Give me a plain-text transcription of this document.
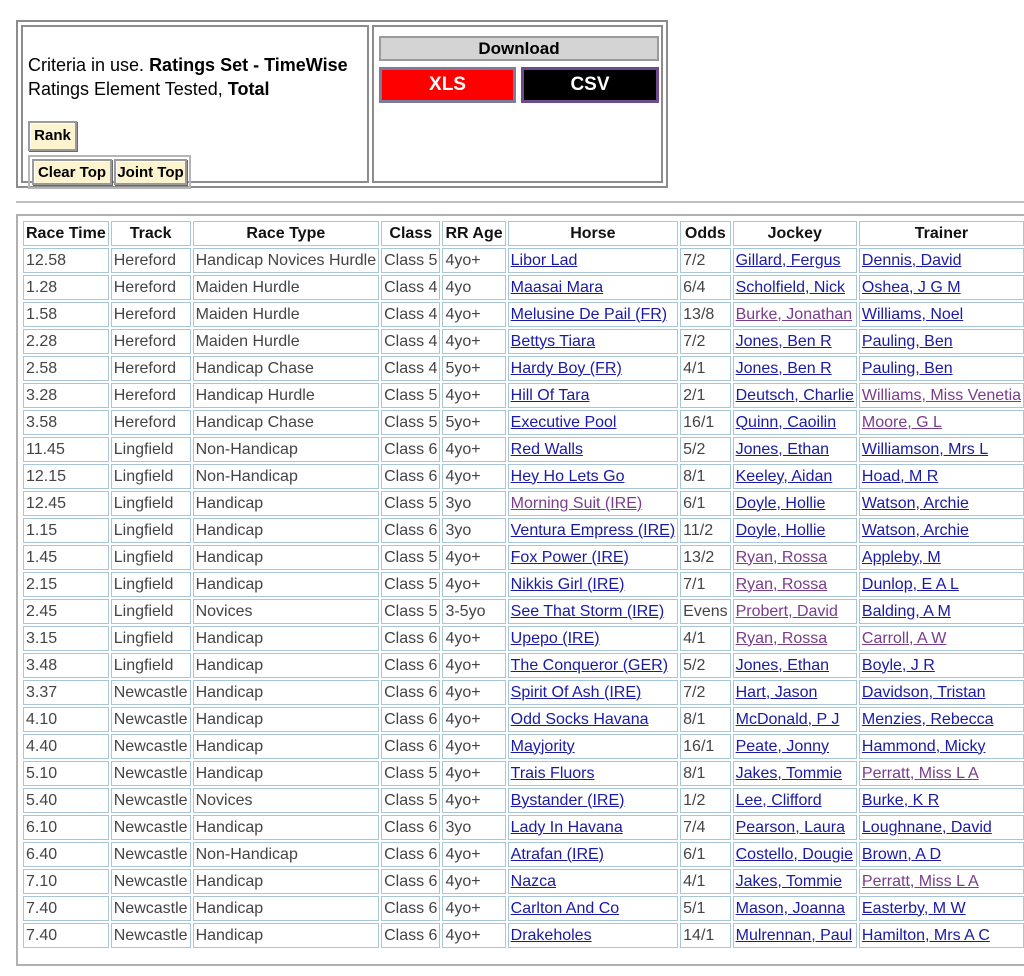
Criteria in use. Ratings Set - TimeWise
Ratings Element Tested, Total
Rank
Clear Top Joint Top
Download
XLS	CSV
Race Time	Track	Race Type	Class	RR Age	Horse	Odds	Jockey	Trainer
12.58	Hereford	Handicap Novices Hurdle	Class 5	4yo+	Libor Lad	7/2	Gillard, Fergus	Dennis, David
1.28	Hereford	Maiden Hurdle	Class 4	4yo	Maasai Mara	6/4	Scholfield, Nick	Oshea, J G M
1.58	Hereford	Maiden Hurdle	Class 4	4yo+	Melusine De Pail (FR)	13/8	Burke, Jonathan	Williams, Noel
2.28	Hereford	Maiden Hurdle	Class 4	4yo+	Bettys Tiara	7/2	Jones, Ben R	Pauling, Ben
2.58	Hereford	Handicap Chase	Class 4	5yo+	Hardy Boy (FR)	4/1	Jones, Ben R	Pauling, Ben
3.28	Hereford	Handicap Hurdle	Class 5	4yo+	Hill Of Tara	2/1	Deutsch, Charlie	Williams, Miss Venetia
3.58	Hereford	Handicap Chase	Class 5	5yo+	Executive Pool	16/1	Quinn, Caoilin	Moore, G L
11.45	Lingfield	Non-Handicap	Class 6	4yo+	Red Walls	5/2	Jones, Ethan	Williamson, Mrs L
12.15	Lingfield	Non-Handicap	Class 6	4yo+	Hey Ho Lets Go	8/1	Keeley, Aidan	Hoad, M R
12.45	Lingfield	Handicap	Class 5	3yo	Morning Suit (IRE)	6/1	Doyle, Hollie	Watson, Archie
1.15	Lingfield	Handicap	Class 6	3yo	Ventura Empress (IRE)	11/2	Doyle, Hollie	Watson, Archie
1.45	Lingfield	Handicap	Class 5	4yo+	Fox Power (IRE)	13/2	Ryan, Rossa	Appleby, M
2.15	Lingfield	Handicap	Class 5	4yo+	Nikkis Girl (IRE)	7/1	Ryan, Rossa	Dunlop, E A L
2.45	Lingfield	Novices	Class 5	3-5yo	See That Storm (IRE)	Evens	Probert, David	Balding, A M
3.15	Lingfield	Handicap	Class 6	4yo+	Upepo (IRE)	4/1	Ryan, Rossa	Carroll, A W
3.48	Lingfield	Handicap	Class 6	4yo+	The Conqueror (GER)	5/2	Jones, Ethan	Boyle, J R
3.37	Newcastle	Handicap	Class 6	4yo+	Spirit Of Ash (IRE)	7/2	Hart, Jason	Davidson, Tristan
4.10	Newcastle	Handicap	Class 6	4yo+	Odd Socks Havana	8/1	McDonald, P J	Menzies, Rebecca
4.40	Newcastle	Handicap	Class 6	4yo+	Mayjority	16/1	Peate, Jonny	Hammond, Micky
5.10	Newcastle	Handicap	Class 5	4yo+	Trais Fluors	8/1	Jakes, Tommie	Perratt, Miss L A
5.40	Newcastle	Novices	Class 5	4yo+	Bystander (IRE)	1/2	Lee, Clifford	Burke, K R
6.10	Newcastle	Handicap	Class 6	3yo	Lady In Havana	7/4	Pearson, Laura	Loughnane, David
6.40	Newcastle	Non-Handicap	Class 6	4yo+	Atrafan (IRE)	6/1	Costello, Dougie	Brown, A D
7.10	Newcastle	Handicap	Class 6	4yo+	Nazca	4/1	Jakes, Tommie	Perratt, Miss L A
7.40	Newcastle	Handicap	Class 6	4yo+	Carlton And Co	5/1	Mason, Joanna	Easterby, M W
7.40	Newcastle	Handicap	Class 6	4yo+	Drakeholes	14/1	Mulrennan, Paul	Hamilton, Mrs A C
